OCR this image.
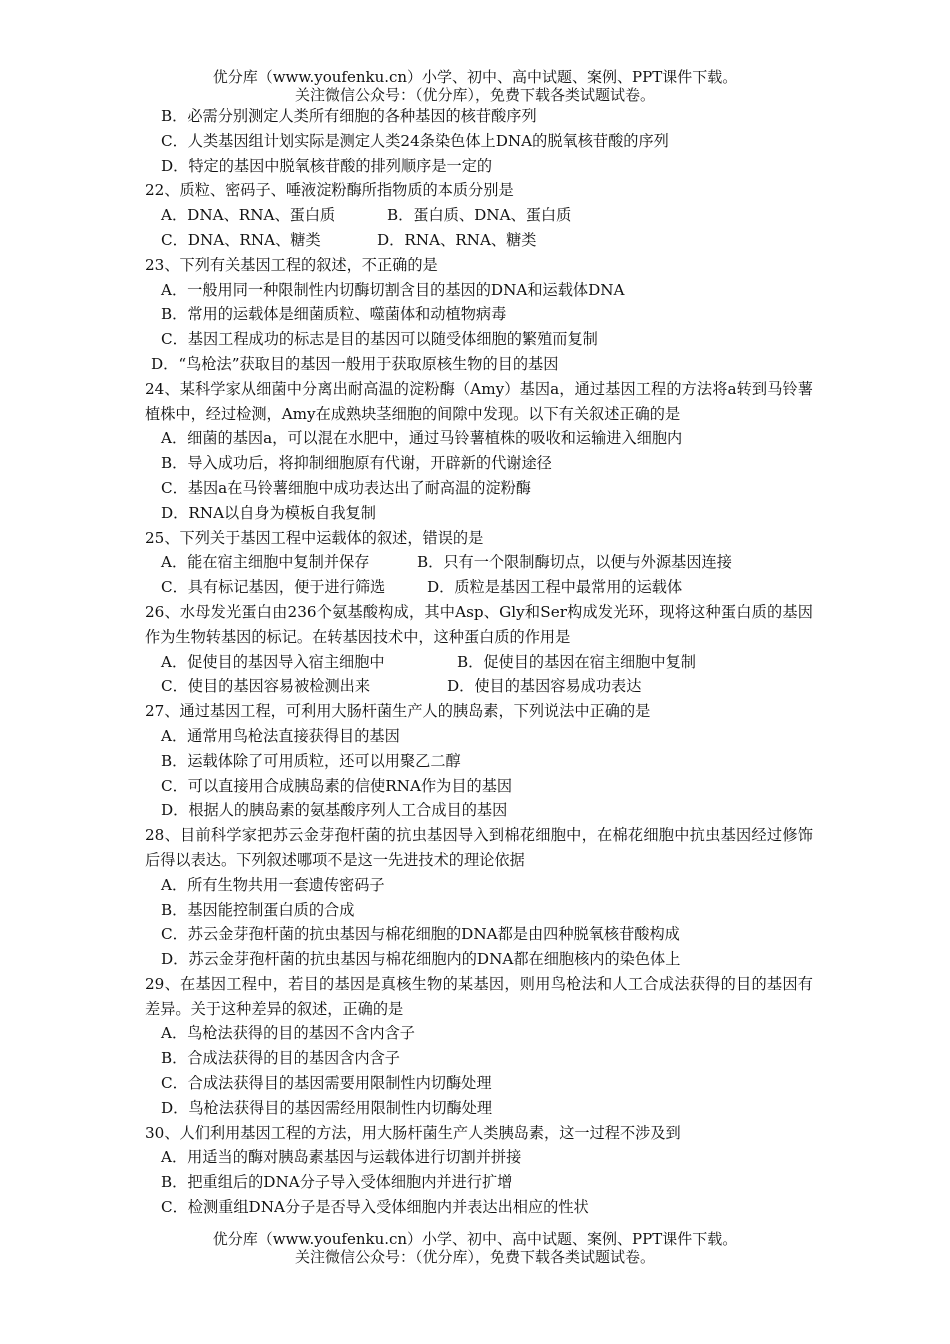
优分库（www.youfenku.cn）小学、初中、高中试题、案例、PPT课件下载。
关注微信公众号：（优分库），免费下载各类试题试卷。

B．必需分别测定人类所有细胞的各种基因的核苷酸序列

C．人类基因组计划实际是测定人类24条染色体上DNA的脱氧核苷酸的序列

D．特定的基因中脱氧核苷酸的排列顺序是一定的

22、质粒、密码子、唾液淀粉酶所指物质的本质分别是

A．DNA、RNA、蛋白质	B．蛋白质、DNA、蛋白质

C．DNA、RNA、糖类	D．RNA、RNA、糖类

23、下列有关基因工程的叙述，不正确的是

A．一般用同一种限制性内切酶切割含目的基因的DNA和运载体DNA

B．常用的运载体是细菌质粒、噬菌体和动植物病毒

C．基因工程成功的标志是目的基因可以随受体细胞的繁殖而复制

D．“鸟枪法”获取目的基因一般用于获取原核生物的目的基因

24、某科学家从细菌中分离出耐高温的淀粉酶（Amy）基因a，通过基因工程的方法将a转到马铃薯植株中，经过检测，Amy在成熟块茎细胞的间隙中发现。以下有关叙述正确的是

A．细菌的基因a，可以混在水肥中，通过马铃薯植株的吸收和运输进入细胞内

B．导入成功后，将抑制细胞原有代谢，开辟新的代谢途径

C．基因a在马铃薯细胞中成功表达出了耐高温的淀粉酶

D．RNA以自身为模板自我复制

25、下列关于基因工程中运载体的叙述，错误的是

A．能在宿主细胞中复制并保存	B．只有一个限制酶切点，以便与外源基因连接

C．具有标记基因，便于进行筛选	D．质粒是基因工程中最常用的运载体

26、水母发光蛋白由236个氨基酸构成，其中Asp、Gly和Ser构成发光环，现将这种蛋白质的基因作为生物转基因的标记。在转基因技术中，这种蛋白质的作用是

A．促使目的基因导入宿主细胞中	B．促使目的基因在宿主细胞中复制

C．使目的基因容易被检测出来	D．使目的基因容易成功表达

27、通过基因工程，可利用大肠杆菌生产人的胰岛素，下列说法中正确的是

A．通常用鸟枪法直接获得目的基因

B．运载体除了可用质粒，还可以用聚乙二醇

C．可以直接用合成胰岛素的信使RNA作为目的基因

D．根据人的胰岛素的氨基酸序列人工合成目的基因

28、目前科学家把苏云金芽孢杆菌的抗虫基因导入到棉花细胞中，在棉花细胞中抗虫基因经过修饰后得以表达。下列叙述哪项不是这一先进技术的理论依据

A．所有生物共用一套遗传密码子

B．基因能控制蛋白质的合成

C．苏云金芽孢杆菌的抗虫基因与棉花细胞的DNA都是由四种脱氧核苷酸构成

D．苏云金芽孢杆菌的抗虫基因与棉花细胞内的DNA都在细胞核内的染色体上

29、在基因工程中，若目的基因是真核生物的某基因，则用鸟枪法和人工合成法获得的目的基因有差异。关于这种差异的叙述，正确的是

A．鸟枪法获得的目的基因不含内含子

B．合成法获得的目的基因含内含子

C．合成法获得目的基因需要用限制性内切酶处理

D．鸟枪法获得目的基因需经用限制性内切酶处理

30、人们利用基因工程的方法，用大肠杆菌生产人类胰岛素，这一过程不涉及到

A．用适当的酶对胰岛素基因与运载体进行切割并拼接

B．把重组后的DNA分子导入受体细胞内并进行扩增

C．检测重组DNA分子是否导入受体细胞内并表达出相应的性状

优分库（www.youfenku.cn）小学、初中、高中试题、案例、PPT课件下载。
关注微信公众号：（优分库），免费下载各类试题试卷。
